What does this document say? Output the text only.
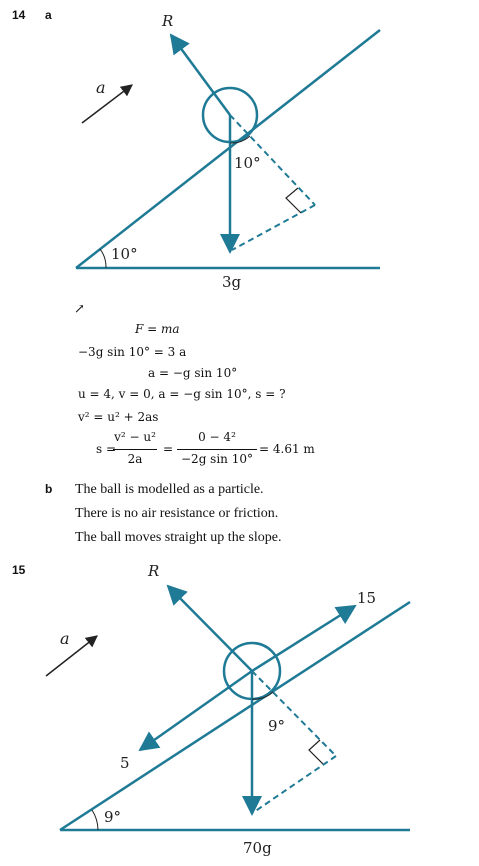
14 a	R
a
10°
10°
3g
↗
F = ma
−3g sin 10° = 3 a
a = −g sin 10°
u = 4, v = 0, a = −g sin 10°, s = ?
v² = u² + 2as
s =
v² − u²
2a
=
0 − 4²
−2g sin 10°
= 4.61 m
b The ball is modelled as a particle.
There is no air resistance or friction.
The ball moves straight up the slope.
15	R
a
15
5
9°
9°
70g
